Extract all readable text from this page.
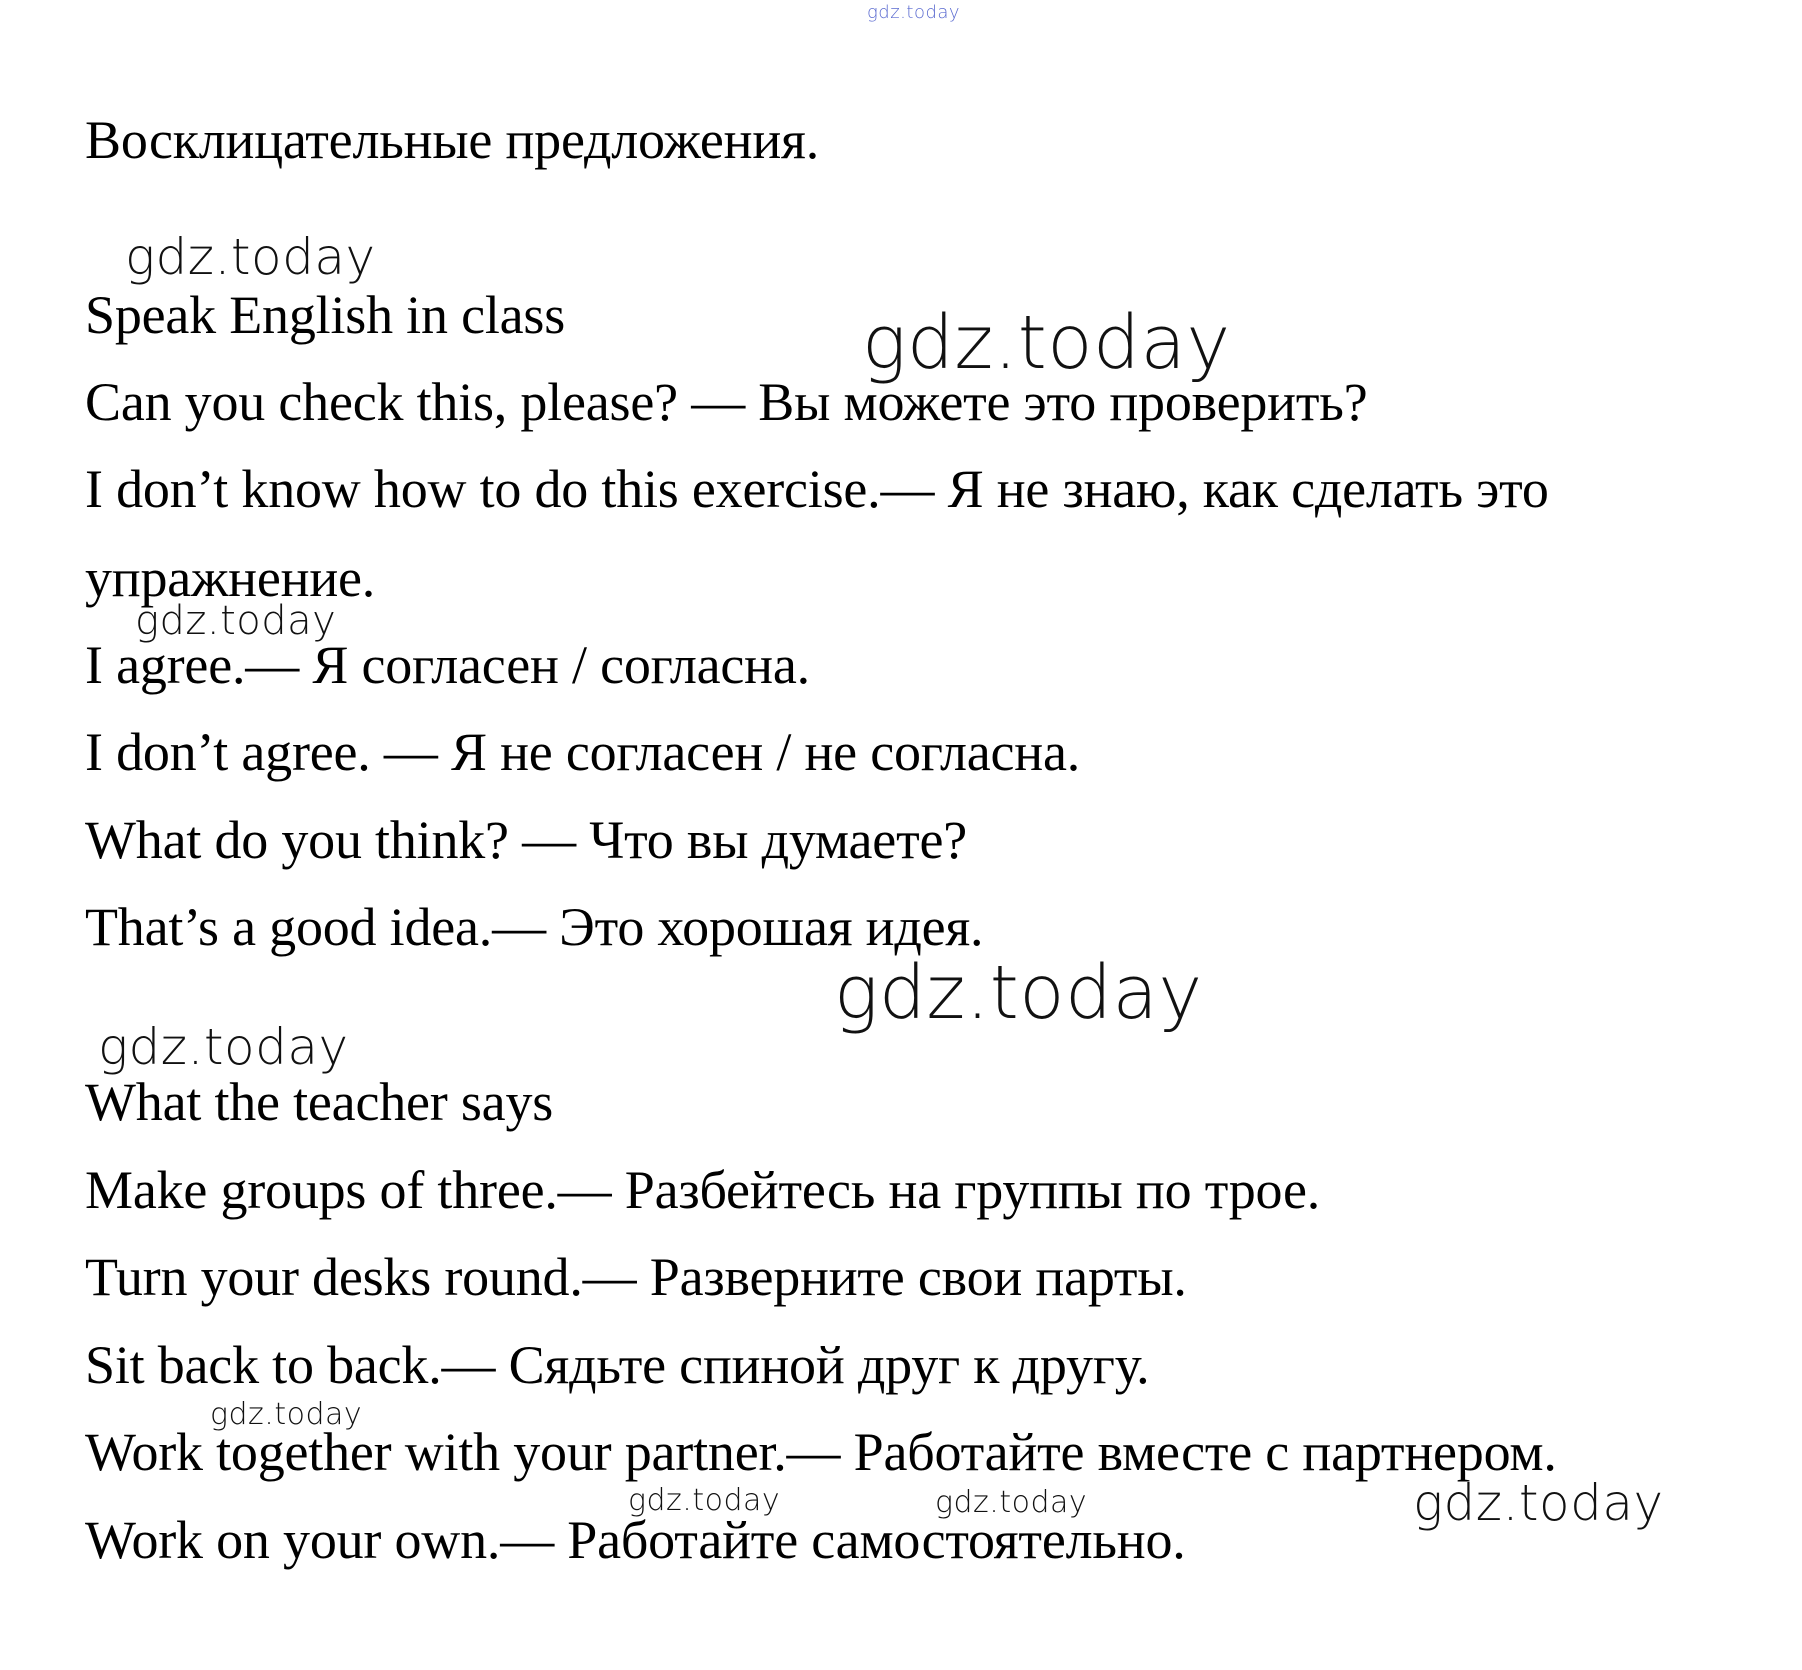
gdz.today
Восклицательные предложения.
Speak English in class
Can you check this, please? — Вы можете это проверить?
I don’t know how to do this exercise.— Я не знаю, как сделать это
упражнение.
I agree.— Я согласен / согласна.
I don’t agree. — Я не согласен / не согласна.
What do you think? — Что вы думаете?
That’s a good idea.— Это хорошая идея.
What the teacher says
Make groups of three.— Разбейтесь на группы по трое.
Turn your desks round.— Разверните свои парты.
Sit back to back.— Сядьте спиной друг к другу.
Work together with your partner.— Работайте вместе с партнером.
Work on your own.— Работайте самостоятельно.
gdz.today
gdz.today
gdz.today
gdz.today
gdz.today
gdz.today
gdz.today	gdz.today	gdz.today
